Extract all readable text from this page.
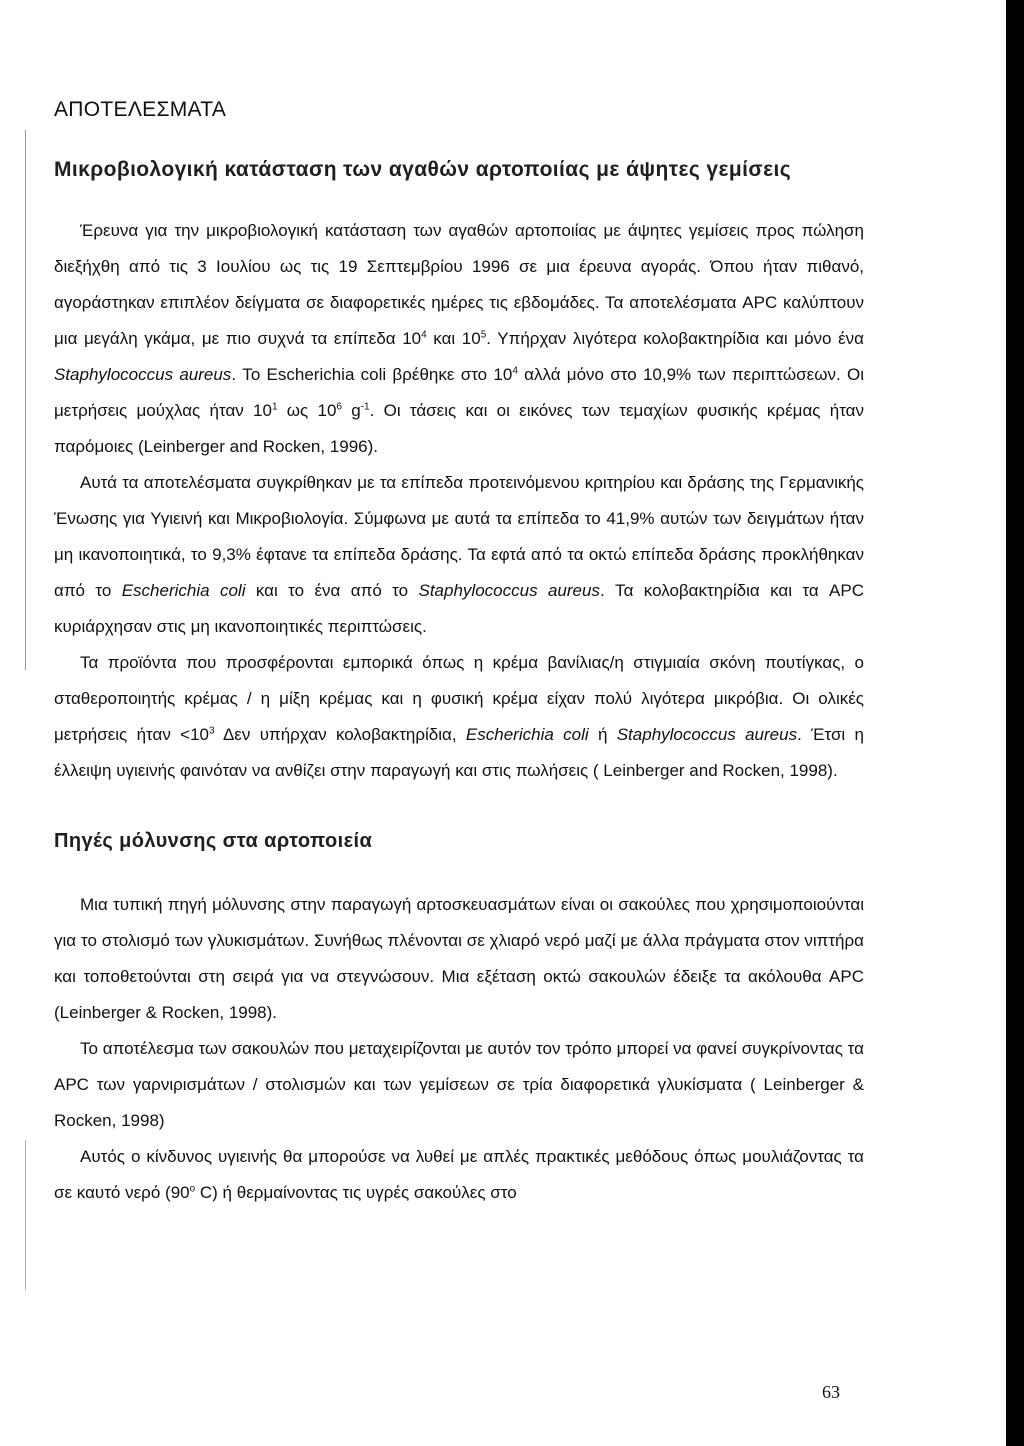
ΑΠΟΤΕΛΕΣΜΑΤΑ
Μικροβιολογική κατάσταση των αγαθών αρτοποιίας με άψητες γεμίσεις

Έρευνα για την μικροβιολογική κατάσταση των αγαθών αρτοποιίας με άψητες γεμίσεις προς πώληση διεξήχθη από τις 3 Ιουλίου ως τις 19 Σεπτεμβρίου 1996 σε μια έρευνα αγοράς. Όπου ήταν πιθανό, αγοράστηκαν επιπλέον δείγματα σε διαφορετικές ημέρες τις εβδομάδες. Τα αποτελέσματα APC καλύπτουν μια μεγάλη γκάμα, με πιο συχνά τα επίπεδα $10^4$ και $10^5$. Υπήρχαν λιγότερα κολοβακτηρίδια και μόνο ένα Staphylococcus aureus. Το Escherichia coli βρέθηκε στο $10^4$ αλλά μόνο στο 10,9% των περιπτώσεων. Οι μετρήσεις μούχλας ήταν $10^1$ ως $10^6$ $g^{-1}$. Οι τάσεις και οι εικόνες των τεμαχίων φυσικής κρέμας ήταν παρόμοιες (Leinberger and Rocken, 1996).

Αυτά τα αποτελέσματα συγκρίθηκαν με τα επίπεδα προτεινόμενου κριτηρίου και δράσης της Γερμανικής Ένωσης για Υγιεινή και Μικροβιολογία. Σύμφωνα με αυτά τα επίπεδα το 41,9% αυτών των δειγμάτων ήταν μη ικανοποιητικά, το 9,3% έφτανε τα επίπεδα δράσης. Τα εφτά από τα οκτώ επίπεδα δράσης προκλήθηκαν από το Escherichia coli και το ένα από το Staphylococcus aureus. Τα κολοβακτηρίδια και τα APC κυριάρχησαν στις μη ικανοποιητικές περιπτώσεις.

Τα προϊόντα που προσφέρονται εμπορικά όπως η κρέμα βανίλιας/η στιγμιαία σκόνη πουτίγκας, ο σταθεροποιητής κρέμας / η μίξη κρέμας και η φυσική κρέμα είχαν πολύ λιγότερα μικρόβια. Οι ολικές μετρήσεις $ή\tau\alpha\nu <10^3$ Δεν υπήρχαν κολοβακτηρίδια, Escherichia coli ή Staphylococcus aureus. Έτσι η έλλειψη υγιεινής φαινόταν να ανθίζει στην παραγωγή και στις πωλήσεις ( Leinberger and Rocken, 1998).

Πηγές μόλυνσης στα αρτοποιεία

Μια τυπική πηγή μόλυνσης στην παραγωγή αρτοσκευασμάτων είναι οι σακούλες που χρησιμοποιούνται για το στολισμό των γλυκισμάτων. Συνήθως πλένονται σε χλιαρό νερό μαζί με άλλα πράγματα στον νιπτήρα και τοποθετούνται στη σειρά για να στεγνώσουν. Μια εξέταση οκτώ σακουλών έδειξε τα ακόλουθα APC (Leinberger & Rocken, 1998).

Το αποτέλεσμα των σακουλών που μεταχειρίζονται με αυτόν τον τρόπο μπορεί να φανεί συγκρίνοντας τα APC των γαρνιρισμάτων / στολισμών και των γεμίσεων σε τρία διαφορετικά γλυκίσματα ( Leinberger & Rocken, 1998)

Αυτός ο κίνδυνος υγιεινής θα μπορούσε να λυθεί με απλές πρακτικές μεθόδους όπως μουλιάζοντας τα σε καυτό νερό (90$^o$ C) ή θερμαίνοντας τις υγρές σακούλες στο

63
